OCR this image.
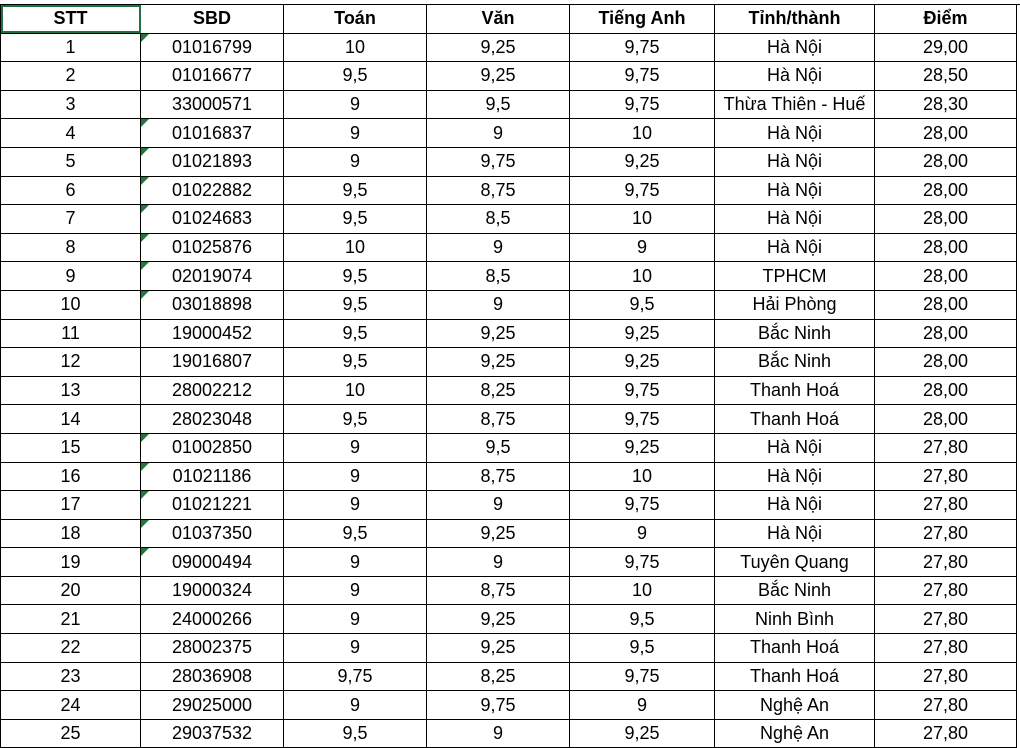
STT	SBD	Toán	Văn	Tiếng Anh	Tỉnh/thành	Điểm
1	01016799	10	9,25	9,75	Hà Nội	29,00
2	01016677	9,5	9,25	9,75	Hà Nội	28,50
3	33000571	9	9,5	9,75	Thừa Thiên - Huế	28,30
4	01016837	9	9	10	Hà Nội	28,00
5	01021893	9	9,75	9,25	Hà Nội	28,00
6	01022882	9,5	8,75	9,75	Hà Nội	28,00
7	01024683	9,5	8,5	10	Hà Nội	28,00
8	01025876	10	9	9	Hà Nội	28,00
9	02019074	9,5	8,5	10	TPHCM	28,00
10	03018898	9,5	9	9,5	Hải Phòng	28,00
11	19000452	9,5	9,25	9,25	Bắc Ninh	28,00
12	19016807	9,5	9,25	9,25	Bắc Ninh	28,00
13	28002212	10	8,25	9,75	Thanh Hoá	28,00
14	28023048	9,5	8,75	9,75	Thanh Hoá	28,00
15	01002850	9	9,5	9,25	Hà Nội	27,80
16	01021186	9	8,75	10	Hà Nội	27,80
17	01021221	9	9	9,75	Hà Nội	27,80
18	01037350	9,5	9,25	9	Hà Nội	27,80
19	09000494	9	9	9,75	Tuyên Quang	27,80
20	19000324	9	8,75	10	Bắc Ninh	27,80
21	24000266	9	9,25	9,5	Ninh Bình	27,80
22	28002375	9	9,25	9,5	Thanh Hoá	27,80
23	28036908	9,75	8,25	9,75	Thanh Hoá	27,80
24	29025000	9	9,75	9	Nghệ An	27,80
25	29037532	9,5	9	9,25	Nghệ An	27,80
